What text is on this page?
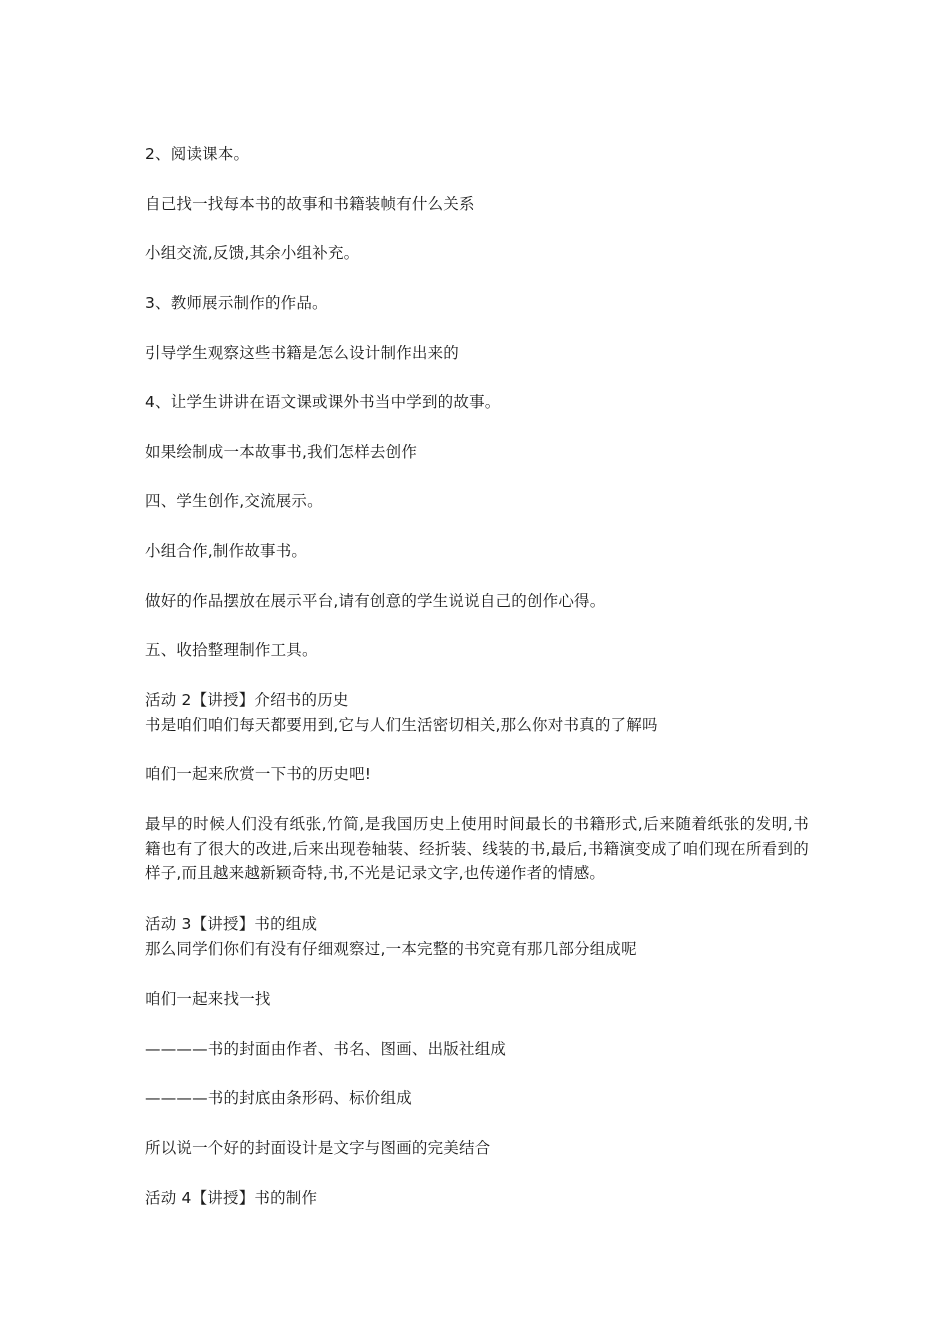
2、阅读课本。

自己找一找每本书的故事和书籍装帧有什么关系

小组交流,反馈,其余小组补充。

3、教师展示制作的作品。

引导学生观察这些书籍是怎么设计制作出来的

4、让学生讲讲在语文课或课外书当中学到的故事。

如果绘制成一本故事书,我们怎样去创作

四、学生创作,交流展示。

小组合作,制作故事书。

做好的作品摆放在展示平台,请有创意的学生说说自己的创作心得。

五、收拾整理制作工具。

活动 2【讲授】介绍书的历史

书是咱们咱们每天都要用到,它与人们生活密切相关,那么你对书真的了解吗

咱们一起来欣赏一下书的历史吧!

最早的时候人们没有纸张,竹简,是我国历史上使用时间最长的书籍形式,后来随着纸张的发明,书籍也有了很大的改进,后来出现卷轴装、经折装、线装的书,最后,书籍演变成了咱们现在所看到的样子,而且越来越新颖奇特,书,不光是记录文字,也传递作者的情感。

活动 3【讲授】书的组成

那么同学们你们有没有仔细观察过,一本完整的书究竟有那几部分组成呢

咱们一起来找一找

————书的封面由作者、书名、图画、出版社组成

————书的封底由条形码、标价组成

所以说一个好的封面设计是文字与图画的完美结合

活动 4【讲授】书的制作
